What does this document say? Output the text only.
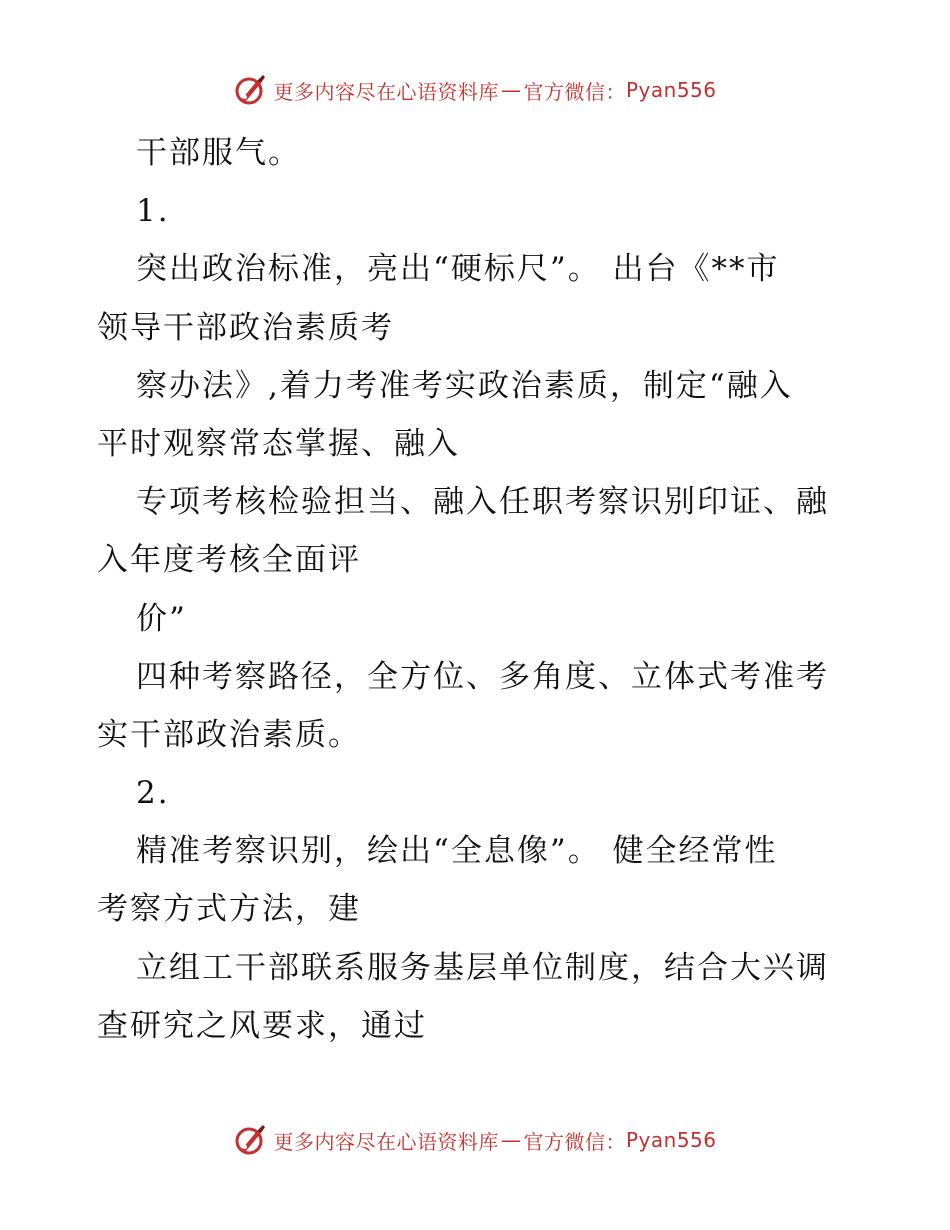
更多内容尽在心语资料库 — 官方微信： Pyan556
干部服气。
1.
突出政治标准，亮出“硬标尺”。 出台《**市
领导干部政治素质考
察办法》,着力考准考实政治素质，制定“融入
平时观察常态掌握、融入
专项考核检验担当、融入任职考察识别印证、融
入年度考核全面评
价”
四种考察路径，全方位、多角度、立体式考准考
实干部政治素质。
2.
精准考察识别，绘出“全息像”。 健全经常性
考察方式方法，建
立组工干部联系服务基层单位制度，结合大兴调
查研究之风要求，通过
更多内容尽在心语资料库 — 官方微信： Pyan556
